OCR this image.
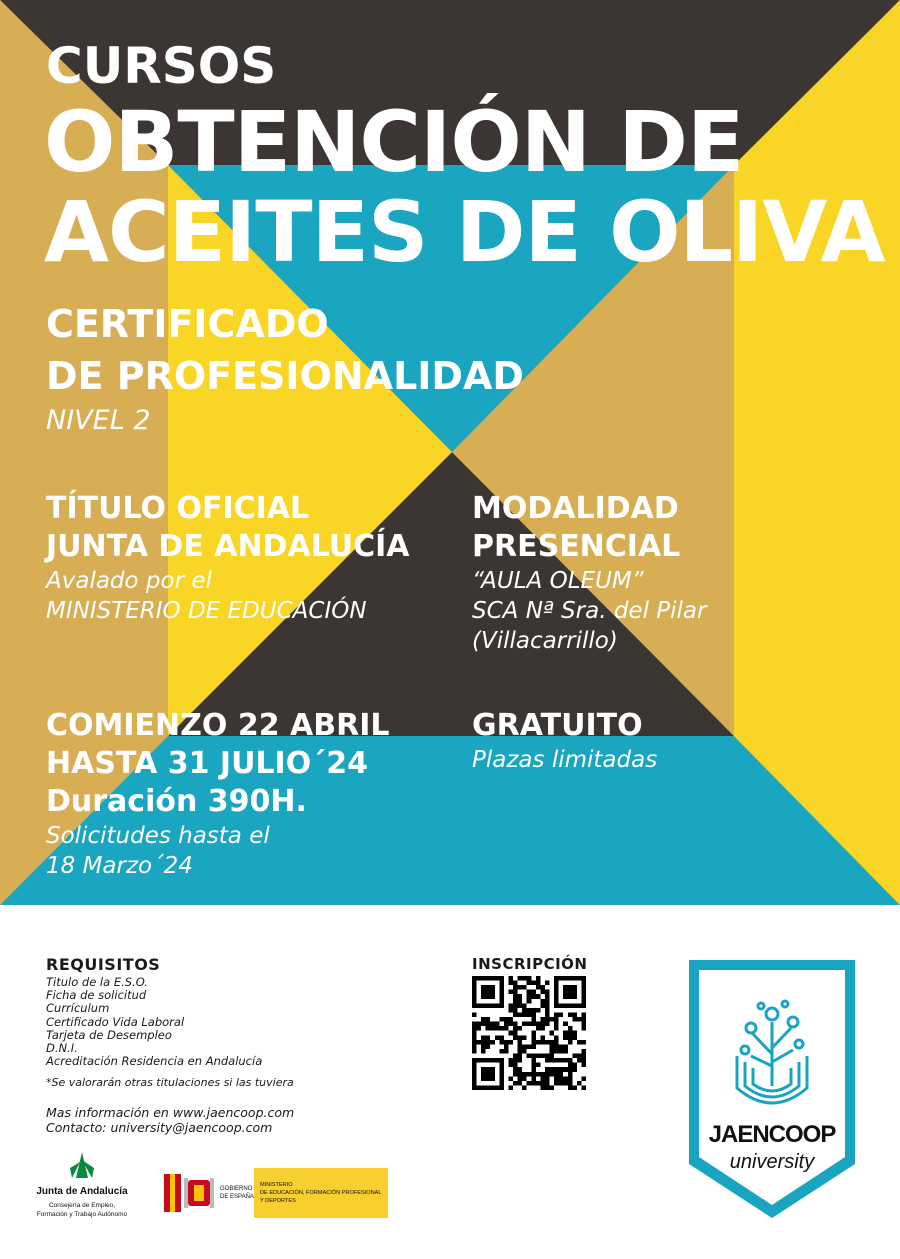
CURSOS
OBTENCIÓN DE
ACEITES DE OLIVA
CERTIFICADO
DE PROFESIONALIDAD
NIVEL 2
TÍTULO OFICIAL
JUNTA DE ANDALUCÍA
Avalado por el
MINISTERIO DE EDUCACIÓN
MODALIDAD
PRESENCIAL
“AULA OLEUM”
SCA Nª Sra. del Pilar
(Villacarrillo)
COMIENZO 22 ABRIL
HASTA 31 JULIO´24
Duración 390H.
Solicitudes hasta el
18 Marzo´24
GRATUITO
Plazas limitadas
REQUISITOS
Titulo de la E.S.O.
Ficha de solicitud
Currículum
Certificado Vida Laboral
Tarjeta de Desempleo
D.N.I.
Acreditación Residencia en Andalucía
*Se valorarán otras titulaciones si las tuviera
Mas información en www.jaencoop.com
Contacto: university@jaencoop.com
INSCRIPCIÓN
JAENCOOP
university
Junta de Andalucía
Consejería de Empleo,
Formación y Trabajo Autónomo
GOBIERNO
DE ESPAÑA
MINISTERIO
DE EDUCACIÓN, FORMACIÓN PROFESIONAL
Y DEPORTES
